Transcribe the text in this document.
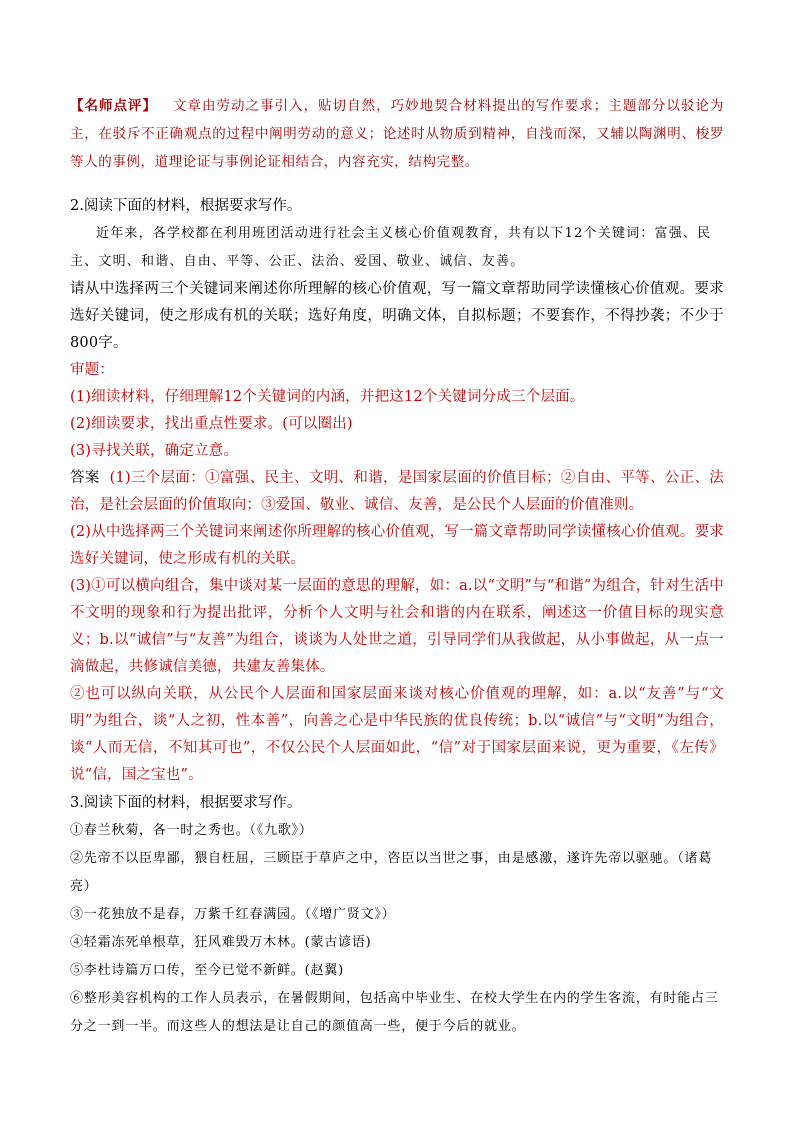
【名师点评】 文章由劳动之事引入，贴切自然，巧妙地契合材料提出的写作要求；主题部分以驳论为主，在驳斥不正确观点的过程中阐明劳动的意义；论述时从物质到精神，自浅而深，又辅以陶渊明、梭罗等人的事例，道理论证与事例论证相结合，内容充实，结构完整。

2.阅读下面的材料，根据要求写作。

近年来，各学校都在利用班团活动进行社会主义核心价值观教育，共有以下12个关键词：富强、民主、文明、和谐、自由、平等、公正、法治、爱国、敬业、诚信、友善。

请从中选择两三个关键词来阐述你所理解的核心价值观，写一篇文章帮助同学读懂核心价值观。要求选好关键词，使之形成有机的关联；选好角度，明确文体，自拟标题；不要套作，不得抄袭；不少于800字。

审题：

(1)细读材料，仔细理解12个关键词的内涵，并把这12个关键词分成三个层面。

(2)细读要求，找出重点性要求。(可以圈出)

(3)寻找关联，确定立意。

答案 (1)三个层面：①富强、民主、文明、和谐，是国家层面的价值目标；②自由、平等、公正、法治，是社会层面的价值取向；③爱国、敬业、诚信、友善，是公民个人层面的价值准则。

(2)从中选择两三个关键词来阐述你所理解的核心价值观，写一篇文章帮助同学读懂核心价值观。要求选好关键词，使之形成有机的关联。

(3)①可以横向组合，集中谈对某一层面的意思的理解，如：a.以“文明”与“和谐”为组合，针对生活中不文明的现象和行为提出批评，分析个人文明与社会和谐的内在联系，阐述这一价值目标的现实意义；b.以“诚信”与“友善”为组合，谈谈为人处世之道，引导同学们从我做起，从小事做起，从一点一滴做起，共修诚信美德，共建友善集体。

②也可以纵向关联，从公民个人层面和国家层面来谈对核心价值观的理解，如：a.以“友善”与“文明”为组合，谈“人之初，性本善”，向善之心是中华民族的优良传统；b.以“诚信”与“文明”为组合，谈“人而无信，不知其可也”，不仅公民个人层面如此，“信”对于国家层面来说，更为重要，《左传》说“信，国之宝也”。

3.阅读下面的材料，根据要求写作。

①春兰秋菊，各一时之秀也。（《九歌》）

②先帝不以臣卑鄙，猥自枉屈，三顾臣于草庐之中，咨臣以当世之事，由是感激，遂许先帝以驱驰。（诸葛亮）

③一花独放不是春，万紫千红春满园。（《增广贤文》）

④轻霜冻死单根草，狂风难毁万木林。(蒙古谚语)

⑤李杜诗篇万口传，至今已觉不新鲜。(赵翼)

⑥整形美容机构的工作人员表示，在暑假期间，包括高中毕业生、在校大学生在内的学生客流，有时能占三分之一到一半。而这些人的想法是让自己的颜值高一些，便于今后的就业。
